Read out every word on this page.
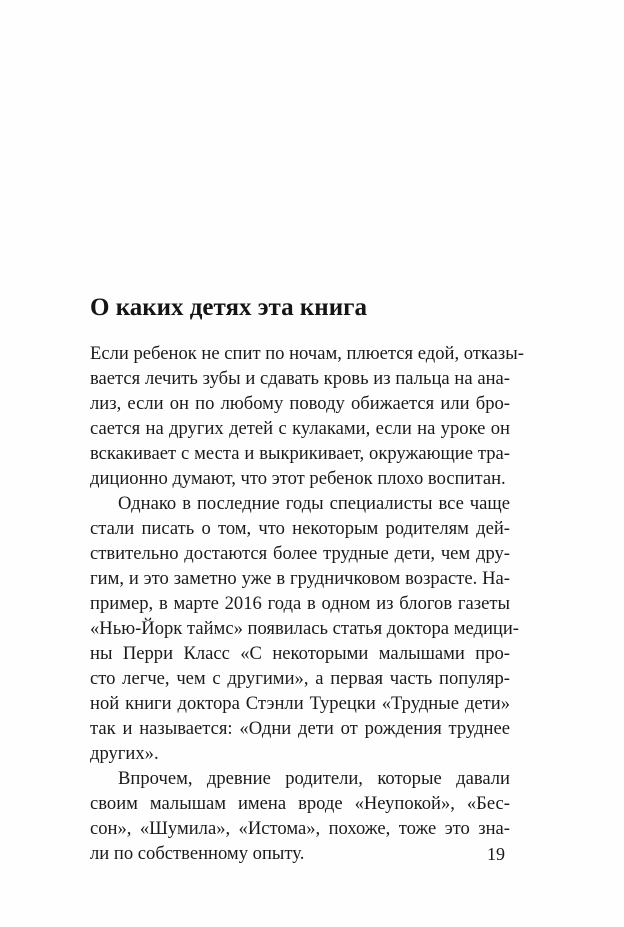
О каких детях эта книга
Если ребенок не спит по ночам, плюется едой, отказы-
вается лечить зубы и сдавать кровь из пальца на ана-
лиз, если он по любому поводу обижается или бро-
сается на других детей с кулаками, если на уроке он
вскакивает с места и выкрикивает, окружающие тра-
диционно думают, что этот ребенок плохо воспитан.
Однако в последние годы специалисты все чаще
стали писать о том, что некоторым родителям дей-
ствительно достаются более трудные дети, чем дру-
гим, и это заметно уже в грудничковом возрасте. На-
пример, в марте 2016 года в одном из блогов газеты
«Нью-Йорк таймс» появилась статья доктора медици-
ны Перри Класс «С некоторыми малышами про-
сто легче, чем с другими», а первая часть популяр-
ной книги доктора Стэнли Турецки «Трудные дети»
так и называется: «Одни дети от рождения труднее
других».
Впрочем, древние родители, которые давали
своим малышам имена вроде «Неупокой», «Бес-
сон», «Шумила», «Истома», похоже, тоже это зна-
ли по собственному опыту.	19
